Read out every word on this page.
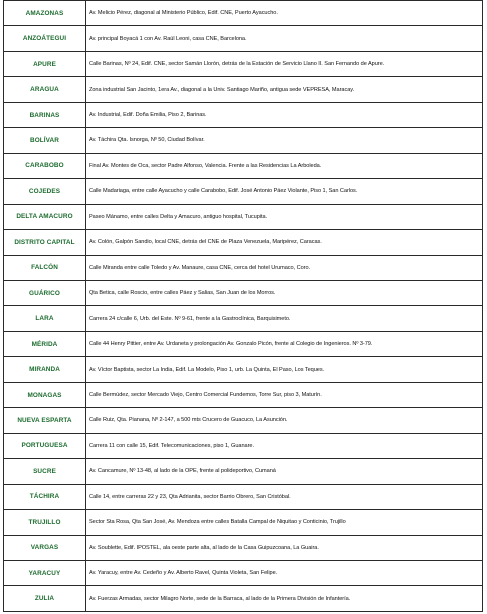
AMAZONAS	Av. Melicio Pérez, diagonal al Ministerio Público, Edif. CNE, Puerto Ayacucho.
ANZOÁTEGUI	Av. principal Boyacá 1 con Av. Raúl Leoni, casa CNE, Barcelona.
APURE	Calle Barinas, Nº 24, Edif. CNE, sector Samán Llorón, detrás de la Estación de Servicio Llano II. San Fernando de Apure.
ARAGUA	Zona industrial San Jacinto, 1era Av., diagonal a la Univ. Santiago Mariño, antigua sede VEPRESA, Maracay.
BARINAS	Av. Industrial, Edif. Doña Emilia, Piso 2, Barinas.
BOLÍVAR	Av. Táchira Qta. Isnorga, Nº 50, Ciudad Bolívar.
CARABOBO	Final Av. Montes de Oca, sector Padre Alfonso, Valencia. Frente a las Residencias La Arboleda.
COJEDES	Calle Madariaga, entre calle Ayacucho y calle Carabobo, Edif. José Antonio Páez Violante, Piso 1, San Carlos.
DELTA AMACURO	Paseo Mánamo, entre calles Delta y Amacuro, antiguo hospital, Tucupita.
DISTRITO CAPITAL	Av. Colón, Galpón Sandio, local CNE, detrás del CNE de Plaza Venezuela, Maripérez, Caracas.
FALCÓN	Calle Miranda entre calle Toledo y Av. Manaure, casa CNE, cerca del hotel Urumaco, Coro.
GUÁRICO	Qta Betica, calle Roscio, entre calles Páez y Salias, San Juan de los Morros.
LARA	Carrera 24 c/calle 6, Urb. del Este. Nº 9-61, frente a la Gastroclínica, Barquisimeto.
MÉRIDA	Calle 44 Henry Pittier, entre Av. Urdaneta y prolongación Av. Gonzalo Picón, frente al Colegio de Ingenieros. Nº 3-79.
MIRANDA	Av. Víctor Baptista, sector La India, Edif. La Modelo, Piso 1, urb. La Quinta, El Paso, Los Teques.
MONAGAS	Calle Bermúdez, sector Mercado Viejo, Centro Comercial Fundemos, Torre Sur, piso 3, Maturín.
NUEVA ESPARTA	Calle Ruiz, Qta. Pianana, Nº 2-147, a 500 mts Crucero de Guacuco, La Asunción.
PORTUGUESA	Carrera 11 con calle 15, Edif. Telecomunicaciones, piso 1, Guanare.
SUCRE	Av. Cancamure, Nº 13-48, al lado de la OPE, frente al polideportivo, Cumaná
TÁCHIRA	Calle 14, entre carreras 22 y 23, Qta Adrianita, sector Barrio Obrero, San Cristóbal.
TRUJILLO	Sector Sta Rosa, Qta San José, Av. Mendoza entre calles Batalla Campal de Niquitao y Conticinio, Trujillo
VARGAS	Av. Soublette, Edif. IPOSTEL, ala oeste parte alta, al lado de la Casa Guipuzcoana, La Guaira.
YARACUY	Av. Yaracuy, entre Av. Cedeño y Av. Alberto Ravel, Quinta Violeta, San Felipe.
ZULIA	Av. Fuerzas Armadas, sector Milagro Norte, sede de la Barraca, al lado de la Primera División de Infantería.
